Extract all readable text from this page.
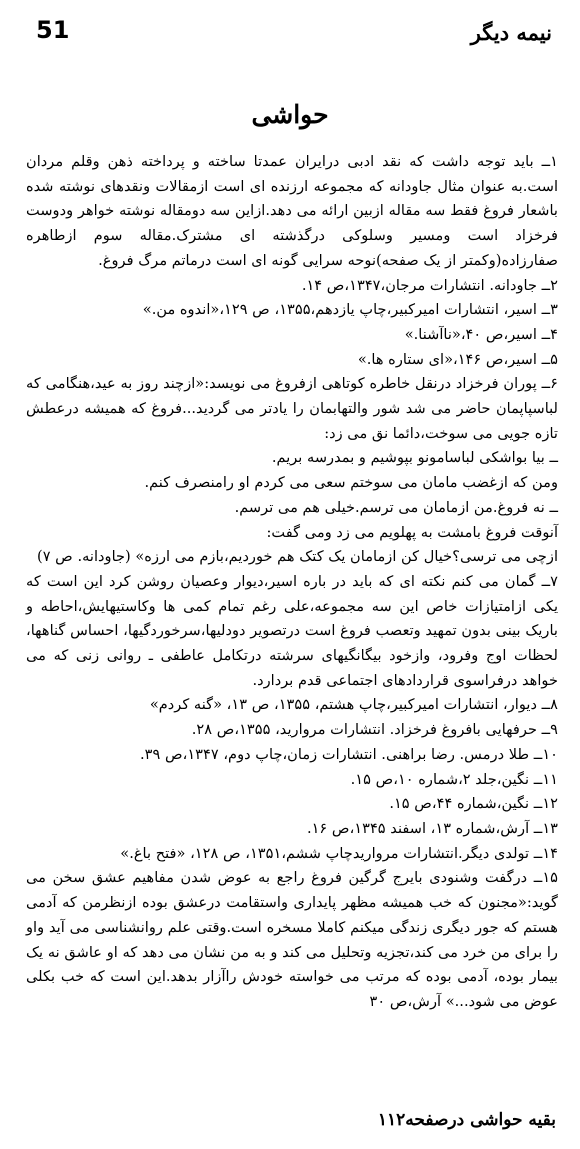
51	نیمه دیگر
حواشی

۱ــ باید توجه داشت که نقد ادبی درایران عمدتا ساخته و پرداخته ذهن وقلم مردان است.به عنوان مثال جاودانه که مجموعه ارزنده ای است ازمقالات ونقدهای نوشته شده باشعار فروغ فقط سه مقاله ازبین ارائه می دهد.ازاین سه دومقاله نوشته خواهر ودوست فرخزاد است ومسیر وسلوکی درگذشته ای مشترک.مقاله سوم ازطاهره صفارزاده(وکمتر از یک صفحه)نوحه سرایی گونه ای است درماتم مرگ فروغ.

۲ــ جاودانه. انتشارات مرجان،۱۳۴۷،ص ۱۴.

۳ــ اسیر، انتشارات امیرکبیر،چاپ یازدهم،۱۳۵۵، ص ۱۲۹،«اندوه من.»

۴ــ اسیر،ص ۴۰،«ناآشنا.»

۵ــ اسیر،ص ۱۴۶،«ای ستاره ها.»

۶ــ پوران فرخزاد درنقل خاطره کوتاهی ازفروغ می نویسد:«ازچند روز به عید،هنگامی که لباسپاپمان حاضر می شد شور والتهابمان را یادتر می گردید...فروغ که همیشه درعطش تازه جویی می سوخت،دائما نق می زد:

ــ بیا بواشکی لباسامونو بپوشیم و بمدرسه بریم.

ومن که ازغضب مامان می سوختم سعی می کردم او رامنصرف کنم.

ــ نه فروغ.من ازمامان می ترسم.خیلی هم می ترسم.

آنوقت فروغ بامشت به پهلویم می زد ومی گفت:

ازچی می ترسی؟خیال کن ازمامان یک کتک هم خوردیم،بازم می ارزه» (جاودانه. ص ۷)

۷ــ گمان می کنم نکته ای که باید در باره اسیر،دیوار وعصیان روشن کرد این است که یکی ازامتیازات خاص این سه مجموعه،علی رغم تمام کمی ها وکاستیهایش،احاطه و باریک بینی بدون تمهید وتعصب فروغ است درتصویر دودلیها،سرخوردگیها، احساس گناهها، لحظات اوج وفرود، وازخود بیگانگیهای سرشته درتکامل عاطفی ـ روانی زنی که می خواهد درفراسوی قراردادهای اجتماعی قدم بردارد.

۸ــ دیوار، انتشارات امیرکبیر،چاپ هشتم، ۱۳۵۵، ص ۱۳، «گنه کردم»

۹ــ حرفهایی بافروغ فرخزاد. انتشارات مروارید، ۱۳۵۵،ص ۲۸.

۱۰ــ طلا درمس. رضا براهنی. انتشارات زمان،چاپ دوم، ۱۳۴۷،ص ۳۹.

۱۱ــ نگین،جلد ۲،شماره ۱۰،ص ۱۵.

۱۲ــ نگین،شماره ۴۴،ص ۱۵.

۱۳ــ آرش،شماره ۱۳، اسفند ۱۳۴۵،ص ۱۶.

۱۴ــ تولدی دیگر.انتشارات مرواریدچاپ ششم،۱۳۵۱، ص ۱۲۸، «فتح باغ.»

۱۵ــ درگفت وشنودی بایرج گرگین فروغ راجع به عوض شدن مفاهیم عشق سخن می گوید:«مجنون که خب همیشه مظهر پایداری واستقامت درعشق بوده ازنظرمن که آدمی هستم که جور دیگری زندگی میکنم کاملا مسخره است.وقتی علم روانشناسی می آید واو را برای من خرد می کند،تجزیه وتحلیل می کند و به من نشان می دهد که او عاشق نه یک بیمار بوده، آدمی بوده که مرتب می خواسته خودش راآزار بدهد.این است که خب بکلی عوض می شود...» آرش،ص ۳۰

بقیه حواشی درصفحه۱۱۲
